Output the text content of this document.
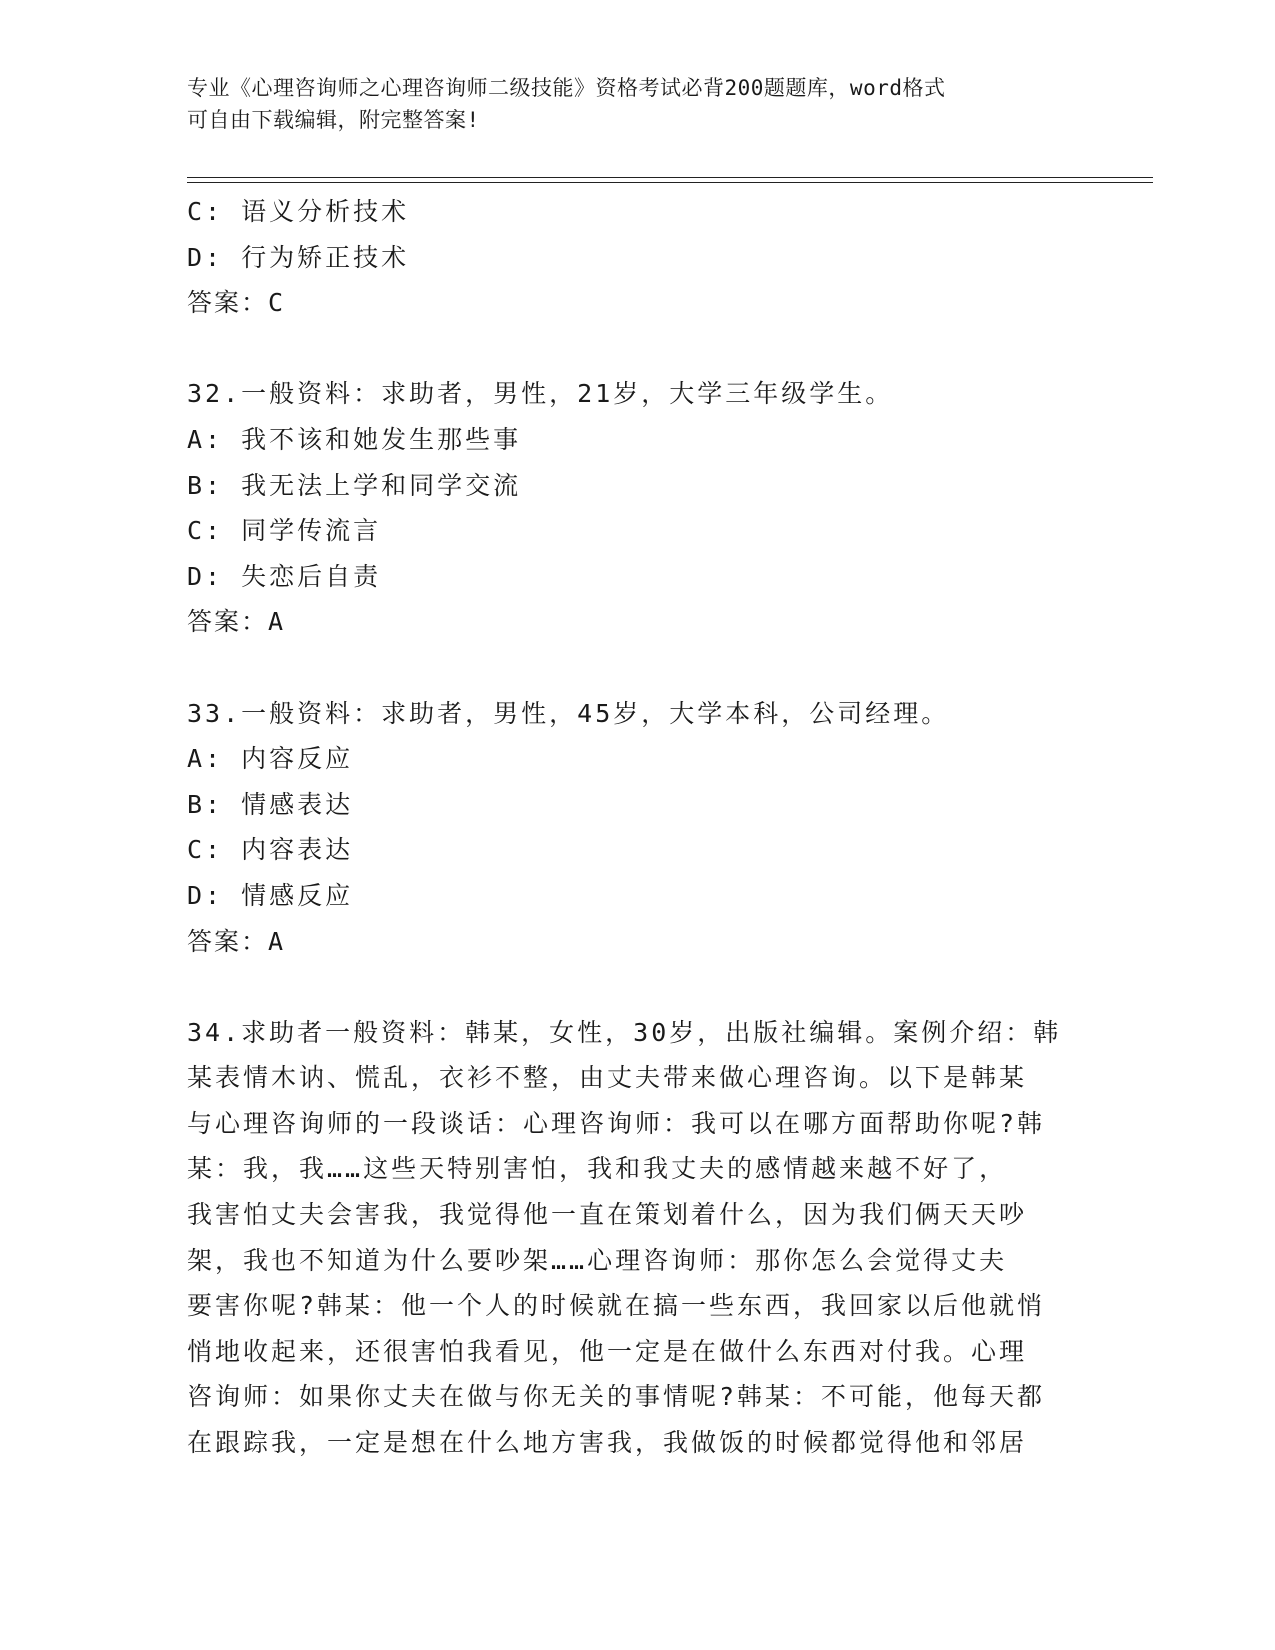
专业《心理咨询师之心理咨询师二级技能》资格考试必背200题题库，word格式
可自由下载编辑，附完整答案!
C: 语义分析技术
D: 行为矫正技术
答案：C
32.一般资料：求助者，男性，21岁，大学三年级学生。
A: 我不该和她发生那些事
B: 我无法上学和同学交流
C: 同学传流言
D: 失恋后自责
答案：A
33.一般资料：求助者，男性，45岁，大学本科，公司经理。
A: 内容反应
B: 情感表达
C: 内容表达
D: 情感反应
答案：A
34.求助者一般资料：韩某，女性，30岁，出版社编辑。案例介绍：韩
某表情木讷、慌乱，衣衫不整，由丈夫带来做心理咨询。以下是韩某
与心理咨询师的一段谈话：心理咨询师：我可以在哪方面帮助你呢?韩
某：我，我……这些天特别害怕，我和我丈夫的感情越来越不好了，
我害怕丈夫会害我，我觉得他一直在策划着什么，因为我们俩天天吵
架，我也不知道为什么要吵架……心理咨询师：那你怎么会觉得丈夫
要害你呢?韩某：他一个人的时候就在搞一些东西，我回家以后他就悄
悄地收起来，还很害怕我看见，他一定是在做什么东西对付我。心理
咨询师：如果你丈夫在做与你无关的事情呢?韩某：不可能，他每天都
在跟踪我，一定是想在什么地方害我，我做饭的时候都觉得他和邻居
